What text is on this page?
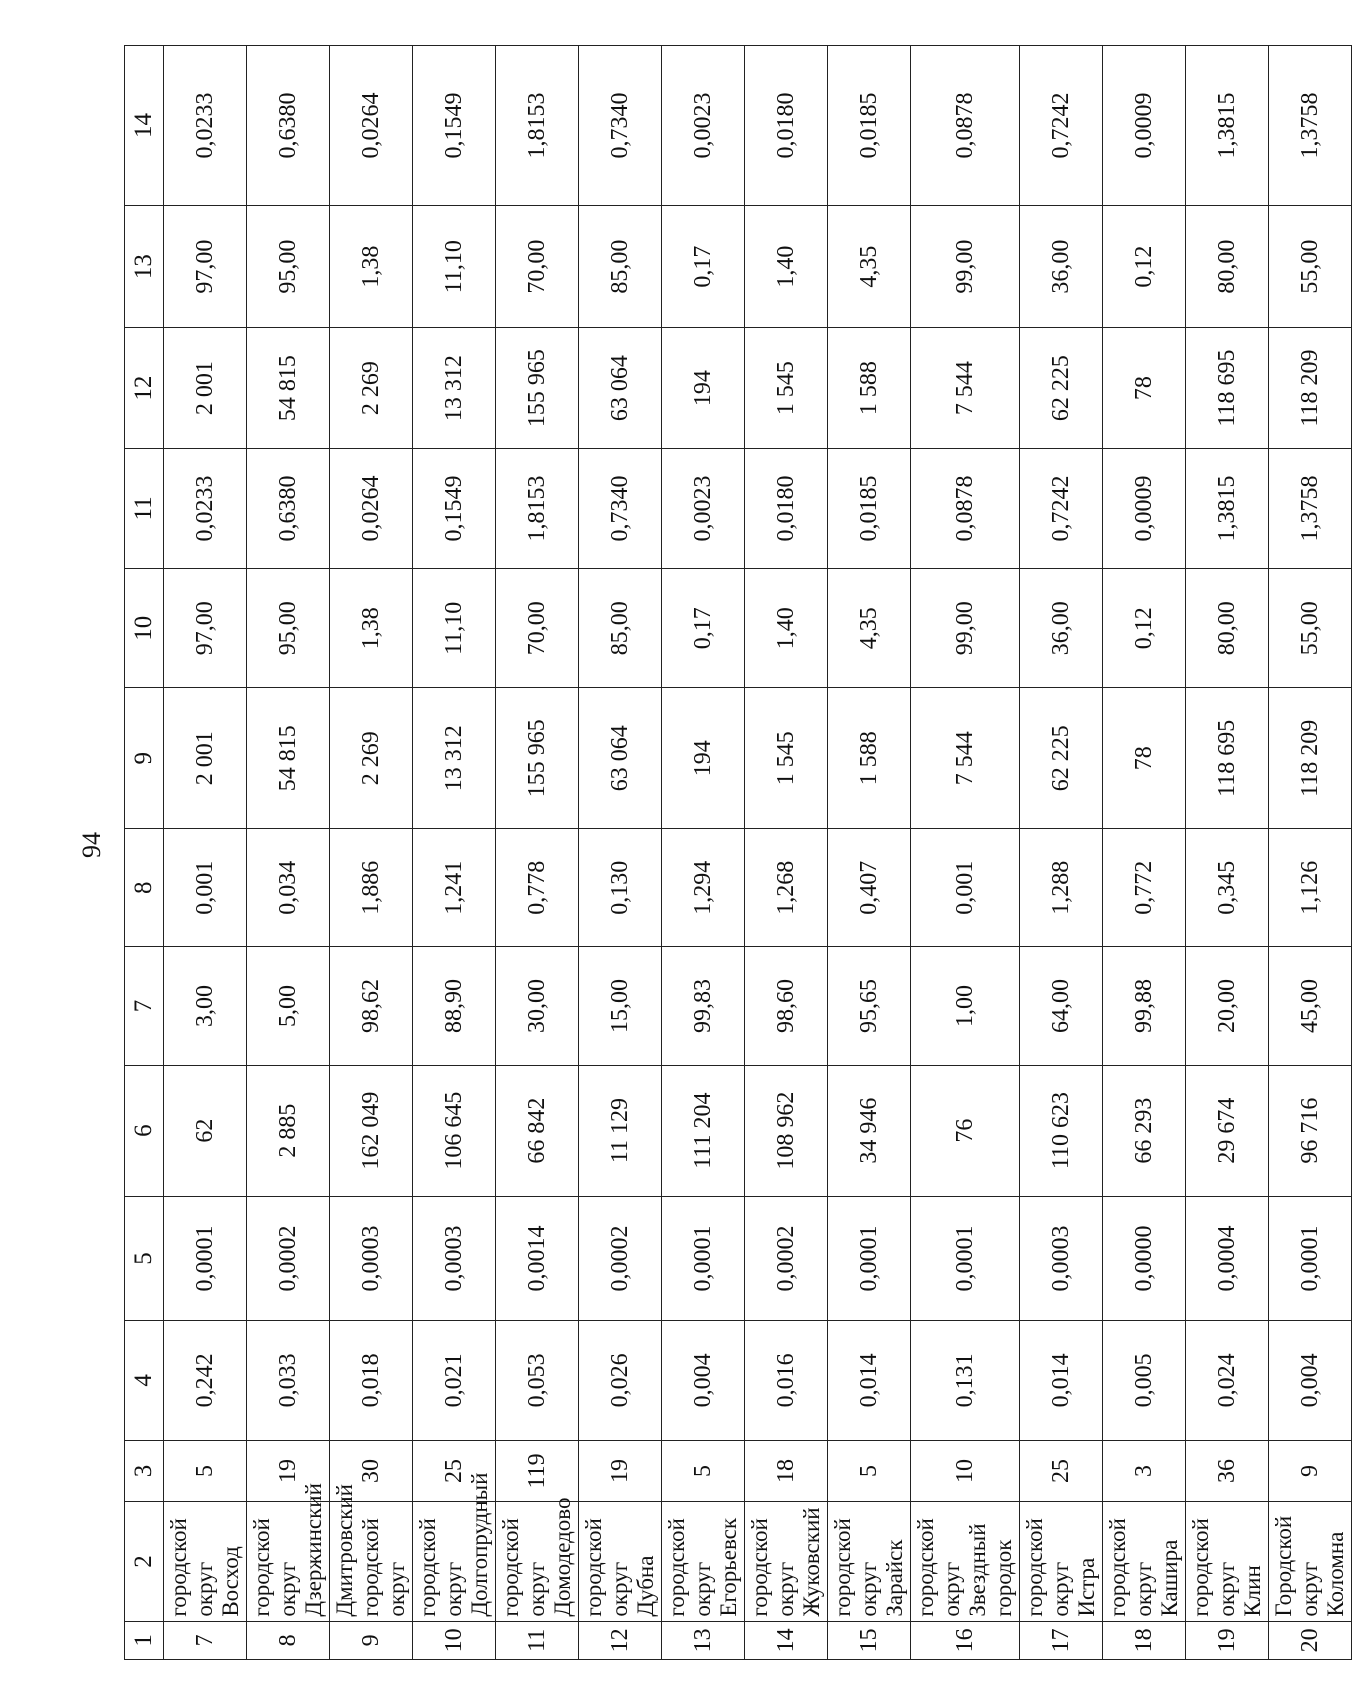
94
1	2	3	4	5	6	7	8	9	10	11	12	13	14
7	городской округ Восход	5	0,242	0,0001	62	3,00	0,001	2 001	97,00	0,0233	2 001	97,00	0,0233
8	городской округ Дзержинский	19	0,033	0,0002	2 885	5,00	0,034	54 815	95,00	0,6380	54 815	95,00	0,6380
9	Дмитровский городской округ	30	0,018	0,0003	162 049	98,62	1,886	2 269	1,38	0,0264	2 269	1,38	0,0264
10	городской округ Долгопрудный	25	0,021	0,0003	106 645	88,90	1,241	13 312	11,10	0,1549	13 312	11,10	0,1549
11	городской округ Домодедово	119	0,053	0,0014	66 842	30,00	0,778	155 965	70,00	1,8153	155 965	70,00	1,8153
12	городской округ Дубна	19	0,026	0,0002	11 129	15,00	0,130	63 064	85,00	0,7340	63 064	85,00	0,7340
13	городской округ Егорьевск	5	0,004	0,0001	111 204	99,83	1,294	194	0,17	0,0023	194	0,17	0,0023
14	городской округ Жуковский	18	0,016	0,0002	108 962	98,60	1,268	1 545	1,40	0,0180	1 545	1,40	0,0180
15	городской округ Зарайск	5	0,014	0,0001	34 946	95,65	0,407	1 588	4,35	0,0185	1 588	4,35	0,0185
16	городской округ Звездный городок	10	0,131	0,0001	76	1,00	0,001	7 544	99,00	0,0878	7 544	99,00	0,0878
17	городской округ Истра	25	0,014	0,0003	110 623	64,00	1,288	62 225	36,00	0,7242	62 225	36,00	0,7242
18	городской округ Кашира	3	0,005	0,0000	66 293	99,88	0,772	78	0,12	0,0009	78	0,12	0,0009
19	городской округ Клин	36	0,024	0,0004	29 674	20,00	0,345	118 695	80,00	1,3815	118 695	80,00	1,3815
20	Городской округ Коломна	9	0,004	0,0001	96 716	45,00	1,126	118 209	55,00	1,3758	118 209	55,00	1,3758
